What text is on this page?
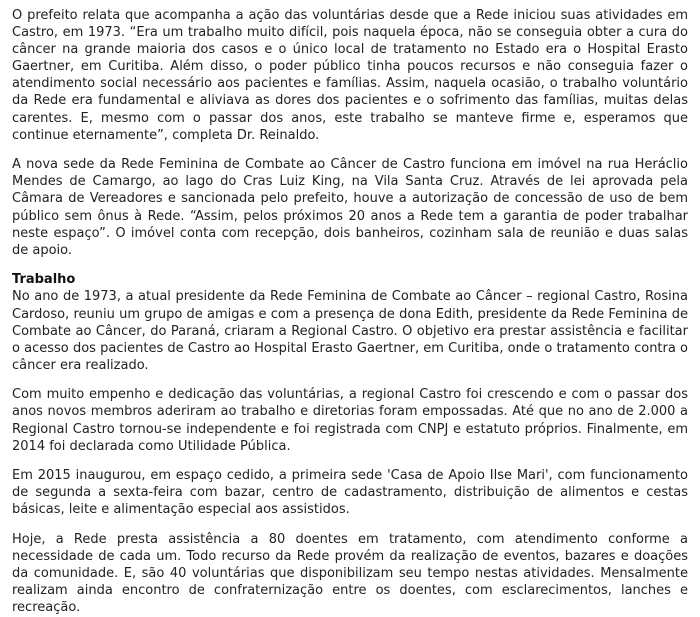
O prefeito relata que acompanha a ação das voluntárias desde que a Rede iniciou suas atividades em Castro, em 1973. “Era um trabalho muito difícil, pois naquela época, não se conseguia obter a cura do câncer na grande maioria dos casos e o único local de tratamento no Estado era o Hospital Erasto Gaertner, em Curitiba. Além disso, o poder público tinha poucos recursos e não conseguia fazer o atendimento social necessário aos pacientes e famílias. Assim, naquela ocasião, o trabalho voluntário da Rede era fundamental e aliviava as dores dos pacientes e o sofrimento das famílias, muitas delas carentes. E, mesmo com o passar dos anos, este trabalho se manteve firme e, esperamos que continue eternamente”, completa Dr. Reinaldo.

A nova sede da Rede Feminina de Combate ao Câncer de Castro funciona em imóvel na rua Heráclio Mendes de Camargo, ao lago do Cras Luiz King, na Vila Santa Cruz. Através de lei aprovada pela Câmara de Vereadores e sancionada pelo prefeito, houve a autorização de concessão de uso de bem público sem ônus à Rede. “Assim, pelos próximos 20 anos a Rede tem a garantia de poder trabalhar neste espaço”. O imóvel conta com recepção, dois banheiros, cozinham sala de reunião e duas salas de apoio.

Trabalho

No ano de 1973, a atual presidente da Rede Feminina de Combate ao Câncer – regional Castro, Rosina Cardoso, reuniu um grupo de amigas e com a presença de dona Edith, presidente da Rede Feminina de Combate ao Câncer, do Paraná, criaram a Regional Castro. O objetivo era prestar assistência e facilitar o acesso dos pacientes de Castro ao Hospital Erasto Gaertner, em Curitiba, onde o tratamento contra o câncer era realizado.

Com muito empenho e dedicação das voluntárias, a regional Castro foi crescendo e com o passar dos anos novos membros aderiram ao trabalho e diretorias foram empossadas. Até que no ano de 2.000 a Regional Castro tornou-se independente e foi registrada com CNPJ e estatuto próprios. Finalmente, em 2014 foi declarada como Utilidade Pública.

Em 2015 inaugurou, em espaço cedido, a primeira sede 'Casa de Apoio Ilse Mari', com funcionamento de segunda a sexta-feira com bazar, centro de cadastramento, distribuição de alimentos e cestas básicas, leite e alimentação especial aos assistidos.

Hoje, a Rede presta assistência a 80 doentes em tratamento, com atendimento conforme a necessidade de cada um. Todo recurso da Rede provém da realização de eventos, bazares e doações da comunidade. E, são 40 voluntárias que disponibilizam seu tempo nestas atividades. Mensalmente realizam ainda encontro de confraternização entre os doentes, com esclarecimentos, lanches e recreação.
